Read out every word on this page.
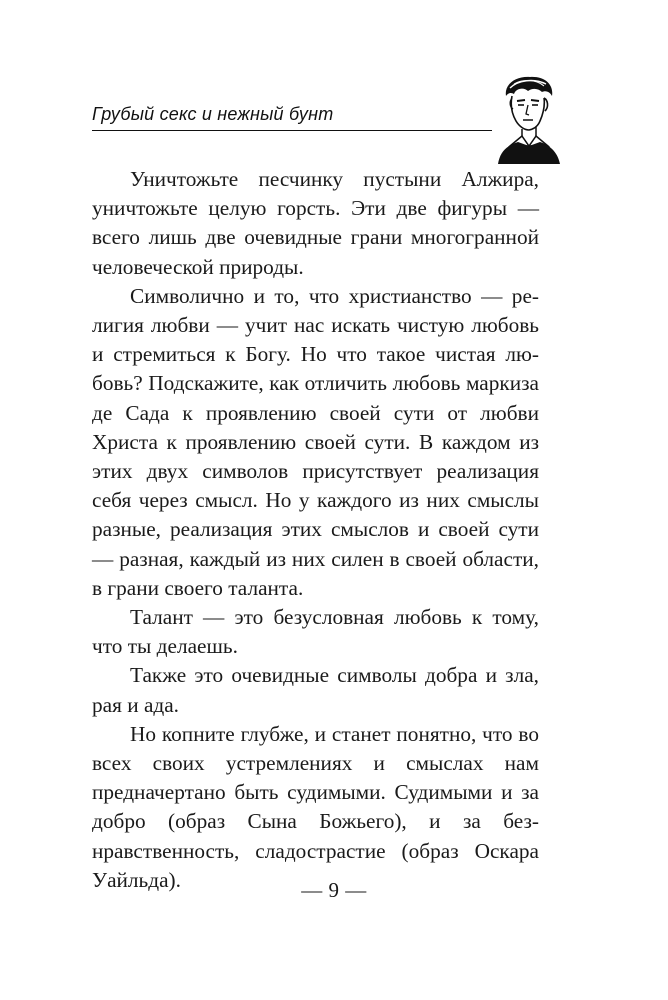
Грубый секс и нежный бунт

Уничтожьте песчинку пустыни Алжира, уничтожьте целую горсть. Эти две фигуры — всего лишь две очевидные грани многогранной человеческой природы.

Символично и то, что христианство — религия любви — учит нас искать чистую любовь и стремиться к Богу. Но что такое чистая любовь? Подскажите, как отличить любовь маркиза де Сада к проявлению своей сути от любви Христа к проявлению своей сути. В каждом из этих двух символов присутствует реализация себя через смысл. Но у каждого из них смыслы разные, реализация этих смыслов и своей сути — разная, каждый из них силен в своей области, в грани своего таланта.

Талант — это безусловная любовь к тому, что ты делаешь.

Также это очевидные символы добра и зла, рая и ада.

Но копните глубже, и станет понятно, что во всех своих устремлениях и смыслах нам предначертано быть судимыми. Судимыми и за добро (образ Сына Божьего), и за безнравственность, сладострастие (образ Оскара Уайльда).	— 9 —
